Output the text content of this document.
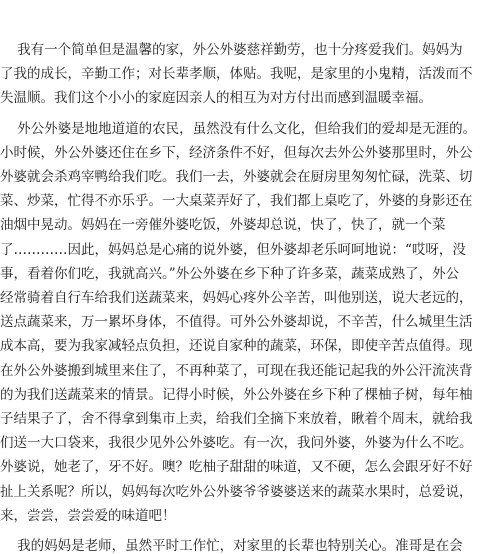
我有一个简单但是温馨的家，外公外婆慈祥勤劳，也十分疼爱我们。妈妈为
了我的成长，辛勤工作；对长辈孝顺，体贴。我呢，是家里的小鬼精，活泼而不
失温顺。我们这个小小的家庭因亲人的相互为对方付出而感到温暖幸福。
外公外婆是地地道道的农民，虽然没有什么文化，但给我们的爱却是无涯的。
小时候，外公外婆还住在乡下，经济条件不好，但每次去外公外婆那里时，外公
外婆就会杀鸡宰鸭给我们吃。我们一去，外婆就会在厨房里匆匆忙碌，洗菜、切
菜、炒菜，忙得不亦乐乎。一大桌菜弄好了，我们都上桌吃了，外婆的身影还在
油烟中晃动。妈妈在一旁催外婆吃饭，外婆却总说，快了，快了，就一个菜
了…………因此，妈妈总是心痛的说外婆，但外婆却老乐呵呵地说：“哎呀，没
事，看着你们吃，我就高兴。”外公外婆在乡下种了许多菜，蔬菜成熟了，外公
经常骑着自行车给我们送蔬菜来，妈妈心疼外公辛苦，叫他别送，说大老远的，
送点蔬菜来，万一累坏身体，不值得。可外公外婆却说，不辛苦，什么城里生活
成本高，要为我家减轻点负担，还说自家种的蔬菜，环保，即使辛苦点值得。现
在外公外婆搬到城里来住了，不再种菜了，可现在我还能记起我的外公汗流浃背
的为我们送蔬菜来的情景。记得小时候，外公外婆在乡下种了棵柚子树，每年柚
子结果子了，舍不得拿到集市上卖，给我们全摘下来放着，瞅着个周末，就给我
们送一大口袋来，我很少见外公外婆吃。有一次，我问外婆，外婆为什么不吃。
外婆说，她老了，牙不好。噢？吃柚子甜甜的味道，又不硬，怎么会跟牙好不好
扯上关系呢？所以，妈妈每次吃外公外婆爷爷婆婆送来的蔬菜水果时，总爱说，
来，尝尝，尝尝爱的味道吧！
我的妈妈是老师，虽然平时工作忙，对家里的长辈也特别关心。准哥是在会
